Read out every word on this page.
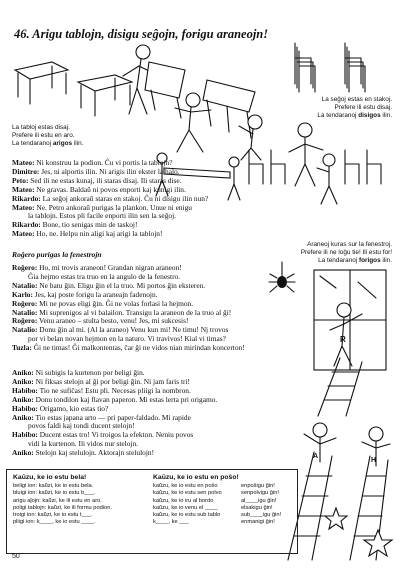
46. Arigu tablojn, disigu seĝojn, forigu araneojn!
La seĝoj estas en stakoj.
Prefere ili estu disaj.
La tendaranoj disigos ilin.
La tabloj estas disaj.
Prefere ili estu en aro.
La tendaranoj arigos ilin.
Mateo: Ni konstruu la podion. Ĉu vi portis la tablojn?
Dimitro: Jes, ni alportis ilin. Ni arigis ilin ekster la halo.
Peto: Sed ili ne estas kunaj, ili staras disaj. Ili staras dise.
Mateo: Ne gravas. Baldaŭ ni povos enporti kaj kunigi ilin.
Rikardo: La seĝoj ankoraŭ staras en stakoj. Ĉu ni disigu ilin nun?
Mateo: Ne. Petro ankoraŭ purigas la plankon. Unue ni enigu
la tablojn. Estos pli facile enporti ilin sen la seĝoj.
Rikardo: Bone, tio senigas min de taskoj!
Mateo: Ho, ne. Helpu nin aligi kaj arigi la tablojn!
Araneoj kuras sur la fenestroj.
Prefere ili ne loĝu tie! Ili estu for!
La tendaranoj forigos ilin.
Roĝero purigas la fenestrojn
R
Roĝero: Ho, mi trovis araneon! Grandan nigran araneon!
Ĝia hejmo estas tra truo en la angulo de la fenestro.
Natalio: Ne batu ĝin. Eligu ĝin el la truo. Mi portos ĝin eksteren.
Karlo: Jes, kaj poste forigu la araneajn fadenojn.
Roĝero: Mi ne povas eligi ĝin. Ĝi ne volas forlasi la hejmon.
Natalio: Mi suprenigos al vi balailon. Transigu la araneon de la truo al ĝi!
Roĝero: Venu araneo – stulta besto, venu! Jes, mi sukcesis!
Natalio: Donu ĝin al mi. (Al la araneo) Venu kun mi! Ne timu! Nj trovos
por vi belan novan hejmon en la naturo. Vi travivos! Kial vi timas?
Tuzla: Ĝi ne timas! Ĝi malkontentas, ĉar ĝi ne vidos nian mirindan koncerton!
Aniko: Ni subigis la kurtenon por beligi ĝin.
Aniko: Ni fiksas stelojn al ĝi por beligi ĝin. Ni jam faris tri!
Habibo: Tio ne sufiĉas! Estu pli. Necesas pliigi la nombron.
Aniko: Donu tondilon kaj flavan paperon. Mi estas lerta pri origamo.
Habibo: Origamo, kio estas tio?
Aniko: Tio estas japana arto — pri paper-faldado. Mi rapide
povos faldi kaj tondi ducent stelojn!
Habibo: Ducent estas tro! Vi troigos la efekton. Neniu povos
vidi la kurtenon. Ili vidos nur stelojn.
Aniko: Stelojn kaj stelulojn. Aktorajn stelulojn!	A
H
Kaŭzu, ke io estu bela!
beligi ion: kaŭzi, ke io estu bela.
bluigi ion: kaŭzi, ke io estu b___.
arigu aĵojn: kaŭzi, ke ili estu en aro.
poligi tablojn: kaŭzi, ke ili formu podion.
troigi ion: kaŭzi, ke io estu t___.
pliigi ion: k____, ke io estu ____.
Kaŭzu, ke io estu en poŝo!
kaŭzu, ke io estu en poŝo
kaŭzu, ke io estu sen polvo
kaŭzu, ke io iru al bordo
kaŭzu, ke io venu el ____
kaŭzu, ke io estu sub tablo
k____, ke ___
enpoŝigu ĝin!
senpolvigu ĝin!
al____igu ĝin!
elsakigu ĝin!
sub____igu ĝin!
enmanigi ĝin!
50
